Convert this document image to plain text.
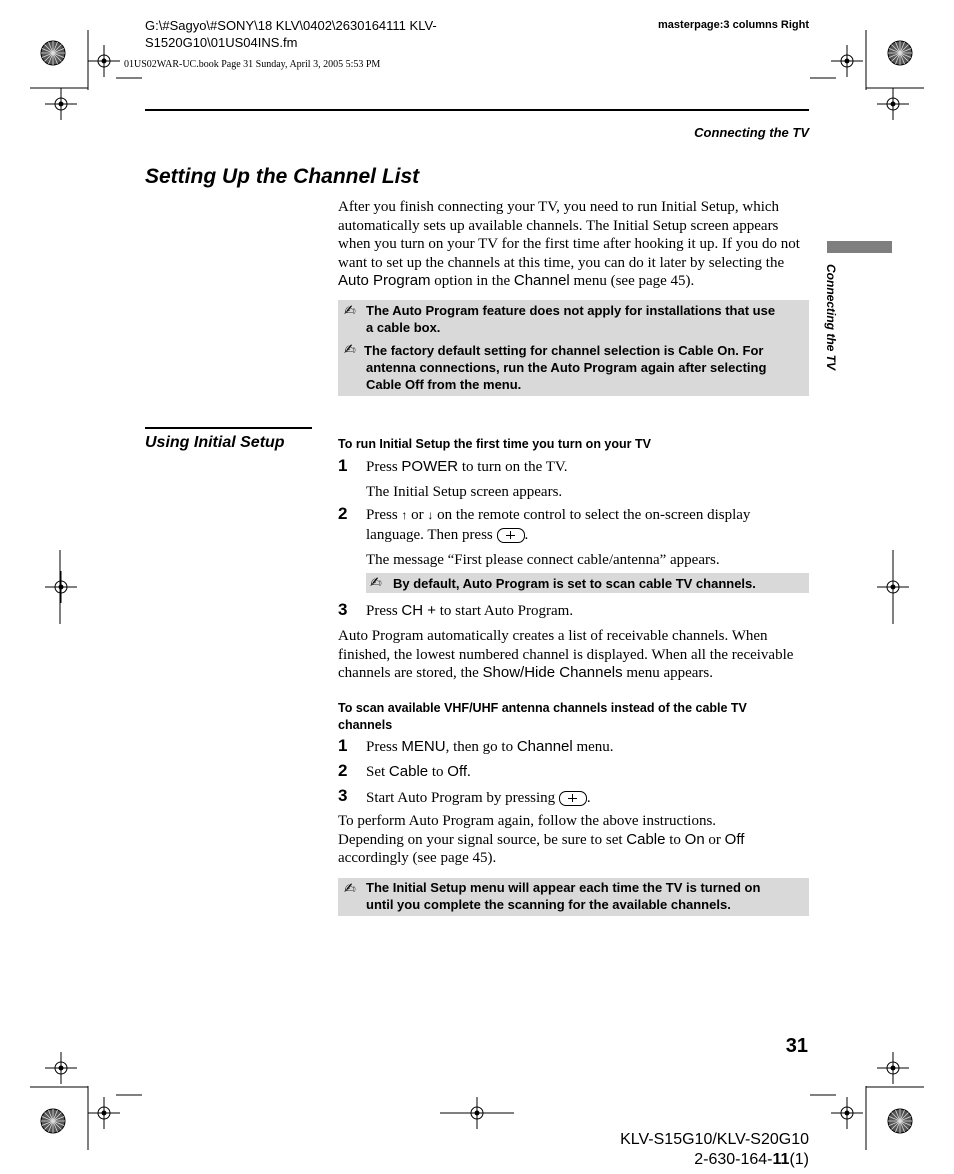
G:\#Sagyo\#SONY\18 KLV\0402\2630164111 KLV-
S1520G10\01US04INS.fm
01US02WAR-UC.book Page 31 Sunday, April 3, 2005 5:53 PM
masterpage:3 columns Right
Connecting the TV
Connecting the TV
Setting Up the Channel List
After you finish connecting your TV, you need to run Initial Setup, which
automatically sets up available channels. The Initial Setup screen appears
when you turn on your TV for the first time after hooking it up. If you do not
want to set up the channels at this time, you can do it later by selecting the
Auto Program option in the Channel menu (see page 45).
✍ The Auto Program feature does not apply for installations that use
a cable box.
✍ The factory default setting for channel selection is Cable On. For
antenna connections, run the Auto Program again after selecting
Cable Off from the menu.
Using Initial Setup	To run Initial Setup the first time you turn on your TV
1 Press POWER to turn on the TV.
The Initial Setup screen appears.
2 Press ↑ or ↓ on the remote control to select the on-screen display
language. Then press .
The message “First please connect cable/antenna” appears.
✍ By default, Auto Program is set to scan cable TV channels.
3 Press CH + to start Auto Program.
Auto Program automatically creates a list of receivable channels. When
finished, the lowest numbered channel is displayed. When all the receivable
channels are stored, the Show/Hide Channels menu appears.
To scan available VHF/UHF antenna channels instead of the cable TV
channels
1 Press MENU, then go to Channel menu.
2 Set Cable to Off.
3 Start Auto Program by pressing .
To perform Auto Program again, follow the above instructions.
Depending on your signal source, be sure to set Cable to On or Off
accordingly (see page 45).
✍ The Initial Setup menu will appear each time the TV is turned on
until you complete the scanning for the available channels.
31
KLV-S15G10/KLV-S20G10
2-630-164-11(1)
